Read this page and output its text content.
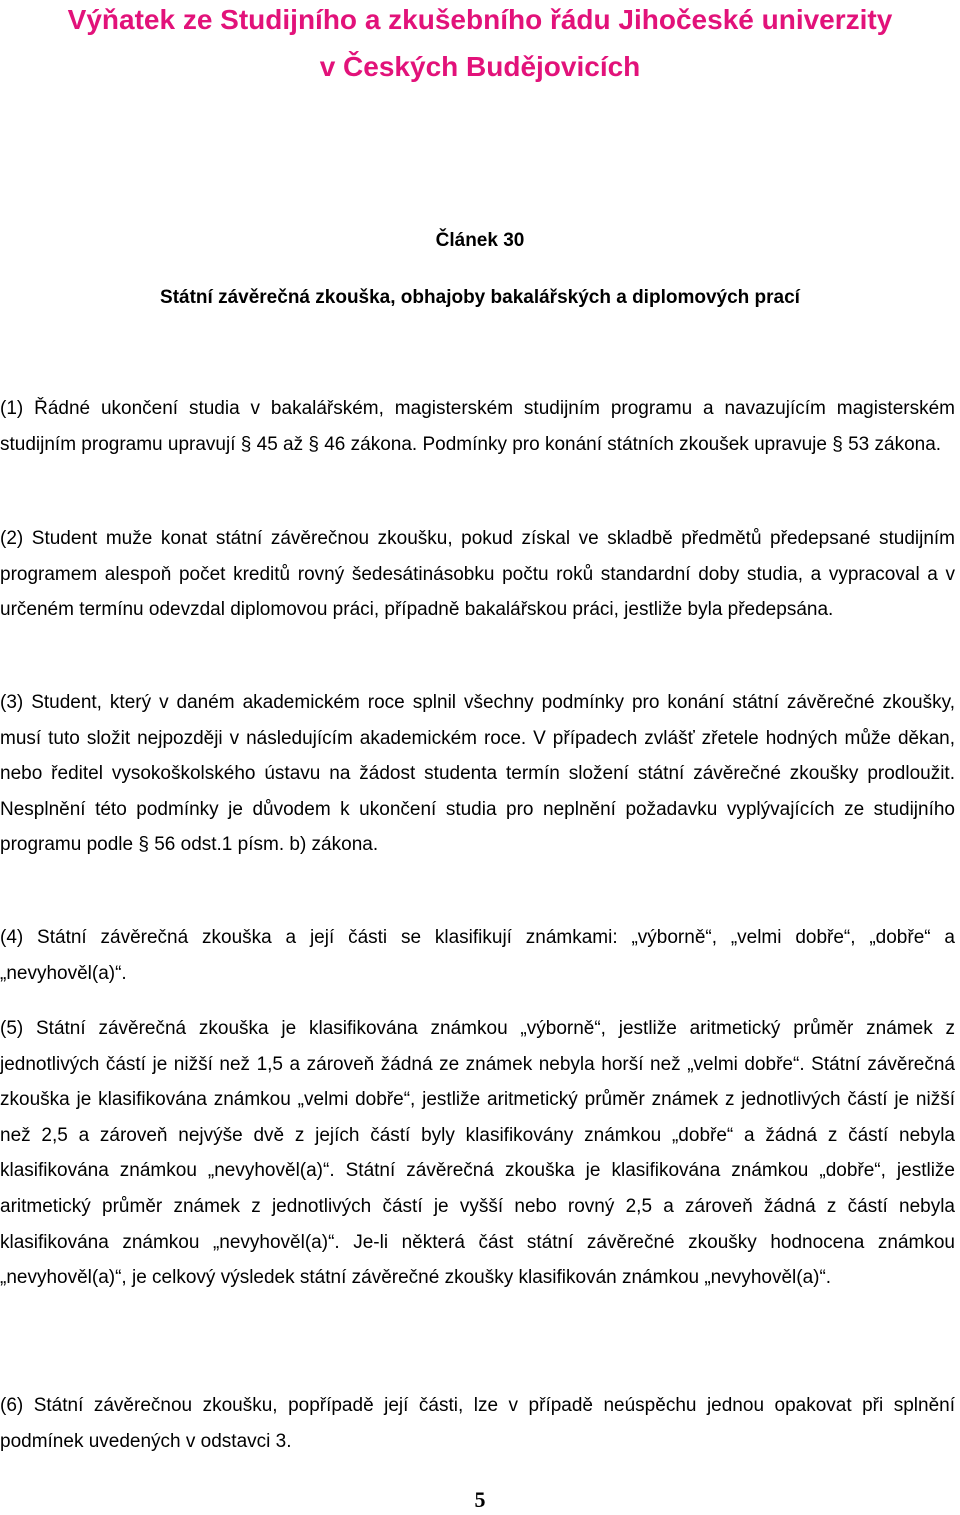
Výňatek ze Studijního a zkušebního řádu Jihočeské univerzity
v Českých Budějovicích
Článek 30
Státní závěrečná zkouška, obhajoby bakalářských a diplomových prací

(1) Řádné ukončení studia v bakalářském, magisterském studijním programu a navazujícím magisterském studijním programu upravují § 45 až § 46 zákona. Podmínky pro konání státních zkoušek upravuje § 53 zákona.

(2) Student muže konat státní závěrečnou zkoušku, pokud získal ve skladbě předmětů předepsané studijním programem alespoň počet kreditů rovný šedesátinásobku počtu roků standardní doby studia, a vypracoval a v určeném termínu odevzdal diplomovou práci, případně bakalářskou práci, jestliže byla předepsána.

(3) Student, který v daném akademickém roce splnil všechny podmínky pro konání státní závěrečné zkoušky, musí tuto složit nejpozději v následujícím akademickém roce. V případech zvlášť zřetele hodných může děkan, nebo ředitel vysokoškolského ústavu na žádost studenta termín složení státní závěrečné zkoušky prodloužit. Nesplnění této podmínky je důvodem k ukončení studia pro neplnění požadavku vyplývajících ze studijního programu podle § 56 odst.1 písm. b) zákona.

(4) Státní závěrečná zkouška a její části se klasifikují známkami: „výborně“, „velmi dobře“, „dobře“ a „nevyhověl(a)“.

(5) Státní závěrečná zkouška je klasifikována známkou „výborně“, jestliže aritmetický průměr známek z jednotlivých částí je nižší než 1,5 a zároveň žádná ze známek nebyla horší než „velmi dobře“. Státní závěrečná zkouška je klasifikována známkou „velmi dobře“, jestliže aritmetický průměr známek z jednotlivých částí je nižší než 2,5 a zároveň nejvýše dvě z jejích částí byly klasifikovány známkou „dobře“ a žádná z částí nebyla klasifikována známkou „nevyhověl(a)“. Státní závěrečná zkouška je klasifikována známkou „dobře“, jestliže aritmetický průměr známek z jednotlivých částí je vyšší nebo rovný 2,5 a zároveň žádná z částí nebyla klasifikována známkou „nevyhověl(a)“. Je-li některá část státní závěrečné zkoušky hodnocena známkou „nevyhověl(a)“, je celkový výsledek státní závěrečné zkoušky klasifikován známkou „nevyhověl(a)“.

(6) Státní závěrečnou zkoušku, popřípadě její části, lze v případě neúspěchu jednou opakovat při splnění podmínek uvedených v odstavci 3.

5
